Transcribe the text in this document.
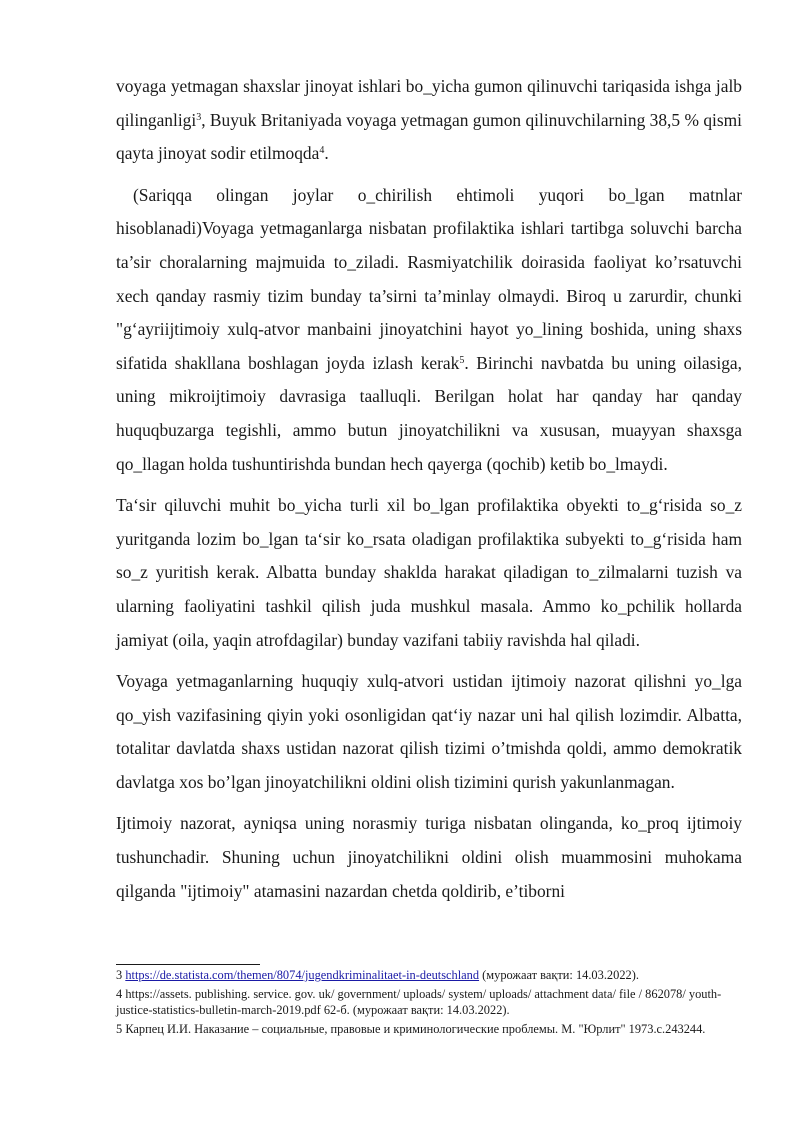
voyaga yetmagan shaxslar jinoyat ishlari bo_yicha gumon qilinuvchi tariqasida ishga jalb qilinganligi$^3$, Buyuk Britaniyada voyaga yetmagan gumon qilinuvchilarning 38,5 % qismi qayta jinoyat sodir etilmoqda$^4$.

(Sariqqa olingan joylar o_chirilish ehtimoli yuqori bo_lgan matnlar hisoblanadi)Voyaga yetmaganlarga nisbatan profilaktika ishlari tartibga soluvchi barcha ta’sir choralarning majmuida to_ziladi. Rasmiyatchilik doirasida faoliyat ko’rsatuvchi xech qanday rasmiy tizim bunday ta’sirni ta’minlay olmaydi. Biroq u zarurdir, chunki "g‘ayriijtimoiy xulq-atvor manbaini jinoyatchini hayot yo_lining boshida, uning shaxs sifatida shakllana boshlagan joyda izlash kerak$^5$. Birinchi navbatda bu uning oilasiga, uning mikroijtimoiy davrasiga taalluqli. Berilgan holat har qanday har qanday huquqbuzarga tegishli, ammo butun jinoyatchilikni va xususan, muayyan shaxsga qo_llagan holda tushuntirishda bundan hech qayerga (qochib) ketib bo_lmaydi.

Ta‘sir qiluvchi muhit bo_yicha turli xil bo_lgan profilaktika obyekti to_g‘risida so_z yuritganda lozim bo_lgan ta‘sir ko_rsata oladigan profilaktika subyekti to_g‘risida ham so_z yuritish kerak. Albatta bunday shaklda harakat qiladigan to_zilmalarni tuzish va ularning faoliyatini tashkil qilish juda mushkul masala. Ammo ko_pchilik hollarda jamiyat (oila, yaqin atrofdagilar) bunday vazifani tabiiy ravishda hal qiladi.

Voyaga yetmaganlarning huquqiy xulq-atvori ustidan ijtimoiy nazorat qilishni yo_lga qo_yish vazifasining qiyin yoki osonligidan qat‘iy nazar uni hal qilish lozimdir. Albatta, totalitar davlatda shaxs ustidan nazorat qilish tizimi o’tmishda qoldi, ammo demokratik davlatga xos bo’lgan jinoyatchilikni oldini olish tizimini qurish yakunlanmagan.

Ijtimoiy nazorat, ayniqsa uning norasmiy turiga nisbatan olinganda, ko_proq ijtimoiy tushunchadir. Shuning uchun jinoyatchilikni oldini olish muammosini muhokama qilganda "ijtimoiy" atamasini nazardan chetda qoldirib, e’tiborni

3 https://de.statista.com/themen/8074/jugendkriminalitaet-in-deutschland (мурожаат вақти: 14.03.2022).

4 https://assets. publishing. service. gov. uk/ government/ uploads/ system/ uploads/ attachment data/ file / 862078/ youth-justice-statistics-bulletin-march-2019.pdf 62-б. (мурожаат вақти: 14.03.2022).

5 Карпец И.И. Наказание – социальные, правовые и криминологические проблемы. М. "Юрлит" 1973.c.243244.
